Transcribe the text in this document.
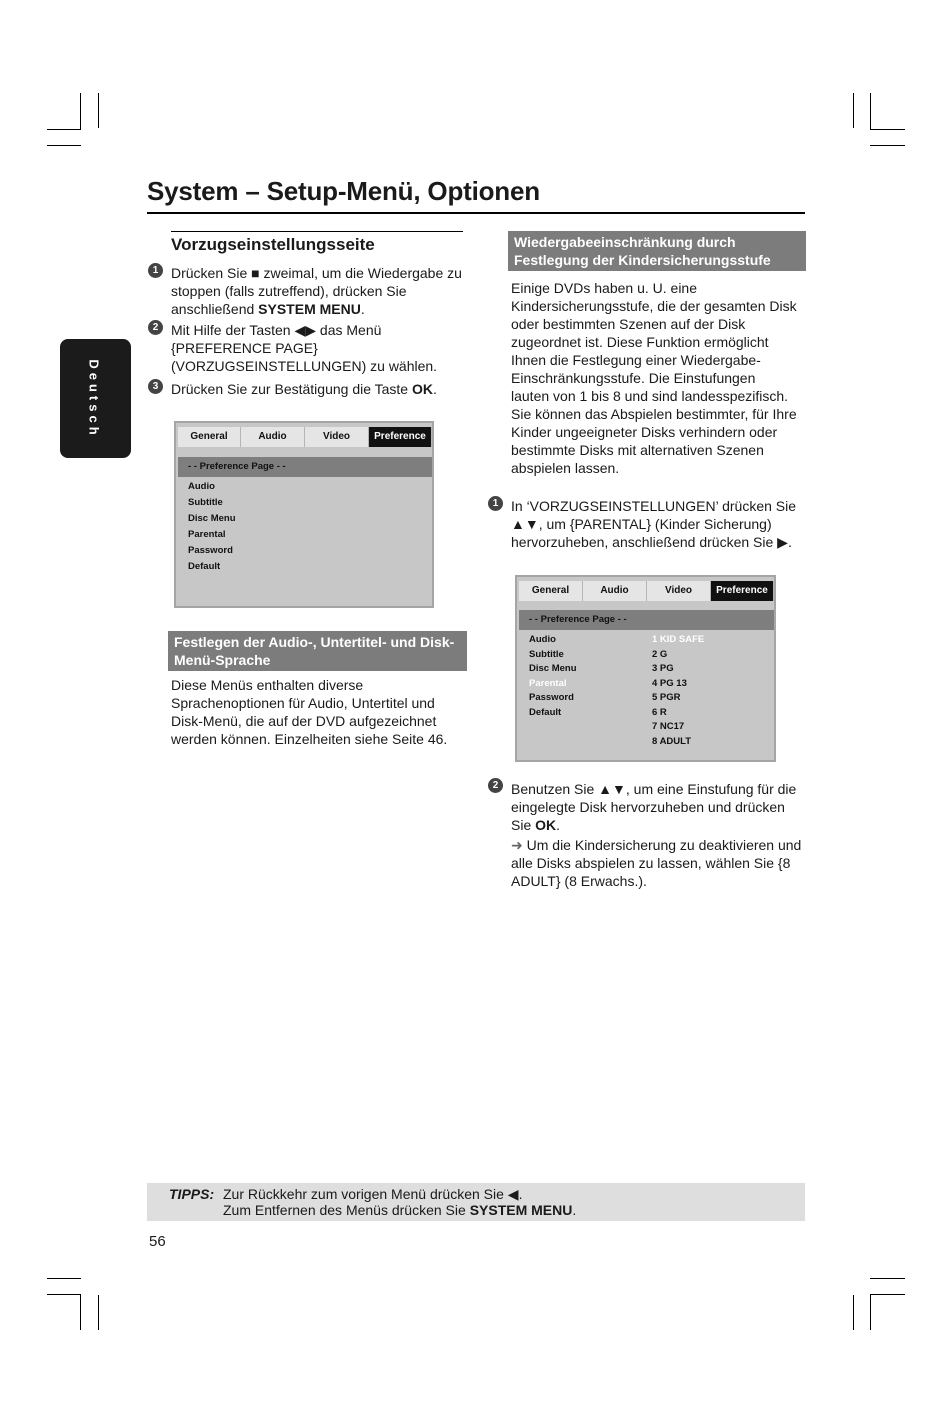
System – Setup-Menü, Optionen
Deutsch
Vorzugseinstellungsseite
1 Drücken Sie ■ zweimal, um die Wiedergabe zu stoppen (falls zutreffend), drücken Sie anschließend SYSTEM MENU.
2 Mit Hilfe der Tasten ◀▶ das Menü {PREFERENCE PAGE} (VORZUGSEINSTELLUNGEN) zu wählen.
3 Drücken Sie zur Bestätigung die Taste OK.
General	Audio	Video	Preference
- - Preference Page - -
Audio
Subtitle
Disc Menu
Parental
Password
Default
Festlegen der Audio-, Untertitel- und Disk-Menü-Sprache
Diese Menüs enthalten diverse Sprachenoptionen für Audio, Untertitel und Disk-Menü, die auf der DVD aufgezeichnet werden können. Einzelheiten siehe Seite 46.
Wiedergabeeinschränkung durch Festlegung der Kindersicherungsstufe
Einige DVDs haben u. U. eine Kindersicherungsstufe, die der gesamten Disk oder bestimmten Szenen auf der Disk zugeordnet ist. Diese Funktion ermöglicht Ihnen die Festlegung einer Wiedergabe-Einschränkungsstufe. Die Einstufungen lauten von 1 bis 8 und sind landesspezifisch. Sie können das Abspielen bestimmter, für Ihre Kinder ungeeigneter Disks verhindern oder bestimmte Disks mit alternativen Szenen abspielen lassen.
1 In ‘VORZUGSEINSTELLUNGEN’ drücken Sie ▲▼, um {PARENTAL} (Kinder Sicherung) hervorzuheben, anschließend drücken Sie ▶.
General	Audio	Video	Preference
- - Preference Page - -
Audio
Subtitle
Disc Menu
Parental
Password
Default
1 KID SAFE
2 G
3 PG
4 PG 13
5 PGR
6 R
7 NC17
8 ADULT
2 Benutzen Sie ▲▼, um eine Einstufung für die eingelegte Disk hervorzuheben und drücken Sie OK.
➜ Um die Kindersicherung zu deaktivieren und alle Disks abspielen zu lassen, wählen Sie {8 ADULT} (8 Erwachs.).
TIPPS: Zur Rückkehr zum vorigen Menü drücken Sie ◀.
Zum Entfernen des Menüs drücken Sie SYSTEM MENU.
56
